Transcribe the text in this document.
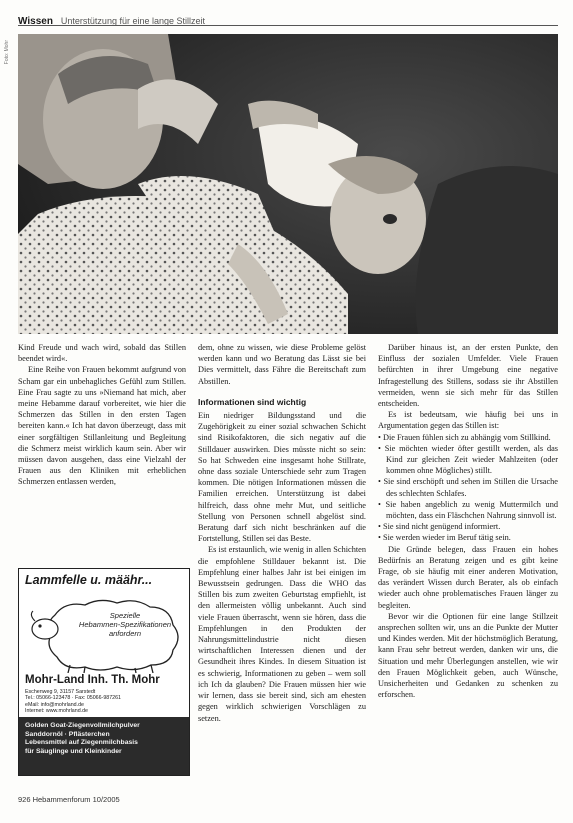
Wissen Unterstützung für eine lange Stillzeit
Foto: Mohr

Kind Freude und wach wird, sobald das Stillen beendet wird«.

Eine Reihe von Frauen bekommt aufgrund von Scham gar ein unbehagliches Gefühl zum Stillen. Eine Frau sagte zu uns »Niemand hat mich, aber meine Hebamme darauf vorbereitet, wie hier die Schmerzen das Stillen in den ersten Tagen bereiten kann.« Ich hat davon überzeugt, dass mit einer sorgfältigen Stillanleitung und Begleitung die Schmerz meist wirklich kaum sein. Aber wir müssen davon ausgehen, dass eine Vielzahl der Frauen aus den Kliniken mit erheblichen Schmerzen entlassen werden,

dem, ohne zu wissen, wie diese Probleme gelöst werden kann und wo Beratung das Lässt sie bei Dies vermittelt, dass Fähre die Bereitschaft zum Abstillen.

Informationen sind wichtig

Ein niedriger Bildungsstand und die Zugehörigkeit zu einer sozial schwachen Schicht sind Risikofaktoren, die sich negativ auf die Stilldauer auswirken. Dies müsste nicht so sein: So hat Schweden eine insgesamt hohe Stillrate, ohne dass soziale Unterschiede sehr zum Tragen kommen. Die nötigen Informationen müssen die Familien erreichen. Unterstützung ist dabei hilfreich, dass ohne mehr Mut, und seitliche Stellung von Personen schnell abgelöst sind. Beratung darf sich nicht beschränken auf die Fortstellung, Stillen sei das Beste.

Es ist erstaunlich, wie wenig in allen Schichten die empfohlene Stilldauer bekannt ist. Die Empfehlung einer halbes Jahr ist bei einigen im Bewusstsein gedrungen. Dass die WHO das Stillen bis zum zweiten Geburtstag empfiehlt, ist den allermeisten völlig unbekannt. Auch sind viele Frauen überrascht, wenn sie hören, dass die Empfehlungen in den Produkten der Nahrungsmittelindustrie nicht diesen wirtschaftlichen Interessen dienen und der Gesundheit ihres Kindes. In diesem Situation ist es schwierig, Informationen zu geben – wem soll ich Ich da glauben? Die Frauen müssen hier wie wir lernen, dass sie bereit sind, sich am ehesten gegen wirklich schwierigen Vorschlägen zu setzen.

Darüber hinaus ist, an der ersten Punkte, den Einfluss der sozialen Umfelder. Viele Frauen befürchten in ihrer Umgebung eine negative Infragestellung des Stillens, sodass sie ihr Abstillen vermeiden, wenn sie sich mehr für das Stillen entscheiden.

Es ist bedeutsam, wie häufig bei uns in Argumentation gegen das Stillen ist:

• Die Frauen fühlen sich zu abhängig vom Stillkind.
• Sie möchten wieder öfter gestillt werden, als das Kind zur gleichen Zeit wieder Mahlzeiten (oder kommen ohne Mögliches) stillt.
• Sie sind erschöpft und sehen im Stillen die Ursache des schlechten Schlafes.
• Sie haben angeblich zu wenig Muttermilch und möchten, dass ein Fläschchen Nahrung sinnvoll ist.
• Sie sind nicht genügend informiert.
• Sie werden wieder im Beruf tätig sein.

Die Gründe belegen, dass Frauen ein hohes Bedürfnis an Beratung zeigen und es gibt keine Frage, ob sie häufig mit einer anderen Motivation, das verändert Wissen durch Berater, als ob einfach wieder auch ohne problematisches Frauen länger zu begleiten.

Bevor wir die Optionen für eine lange Stillzeit ansprechen sollten wir, uns an die Punkte der Mutter und Kindes werden. Mit der höchstmöglich Beratung, kann Frau sehr betreut werden, danken wir uns, die Situation und mehr Überlegungen anstellen, wie wir den Frauen Möglichkeit geben, auch Wünsche, Unsicherheiten und Gedanken zu schenken zu erforschen.

Lammfelle u. määhr...
Spezielle
Hebammen-Spezifikationen
anfordern
Mohr-Land Inh. Th. Mohr
Eschenweg 9, 31157 Sarstedt
Tel.: 05066-123478 · Fax: 05066-987261
eMail: info@mohrland.de
Internet: www.mohrland.de
Golden Goat-Ziegenvollmilchpulver
Sanddornöl · Pflästerchen
Lebensmittel auf Ziegenmilchbasis
für Säuglinge und Kleinkinder
926 Hebammenforum 10/2005
